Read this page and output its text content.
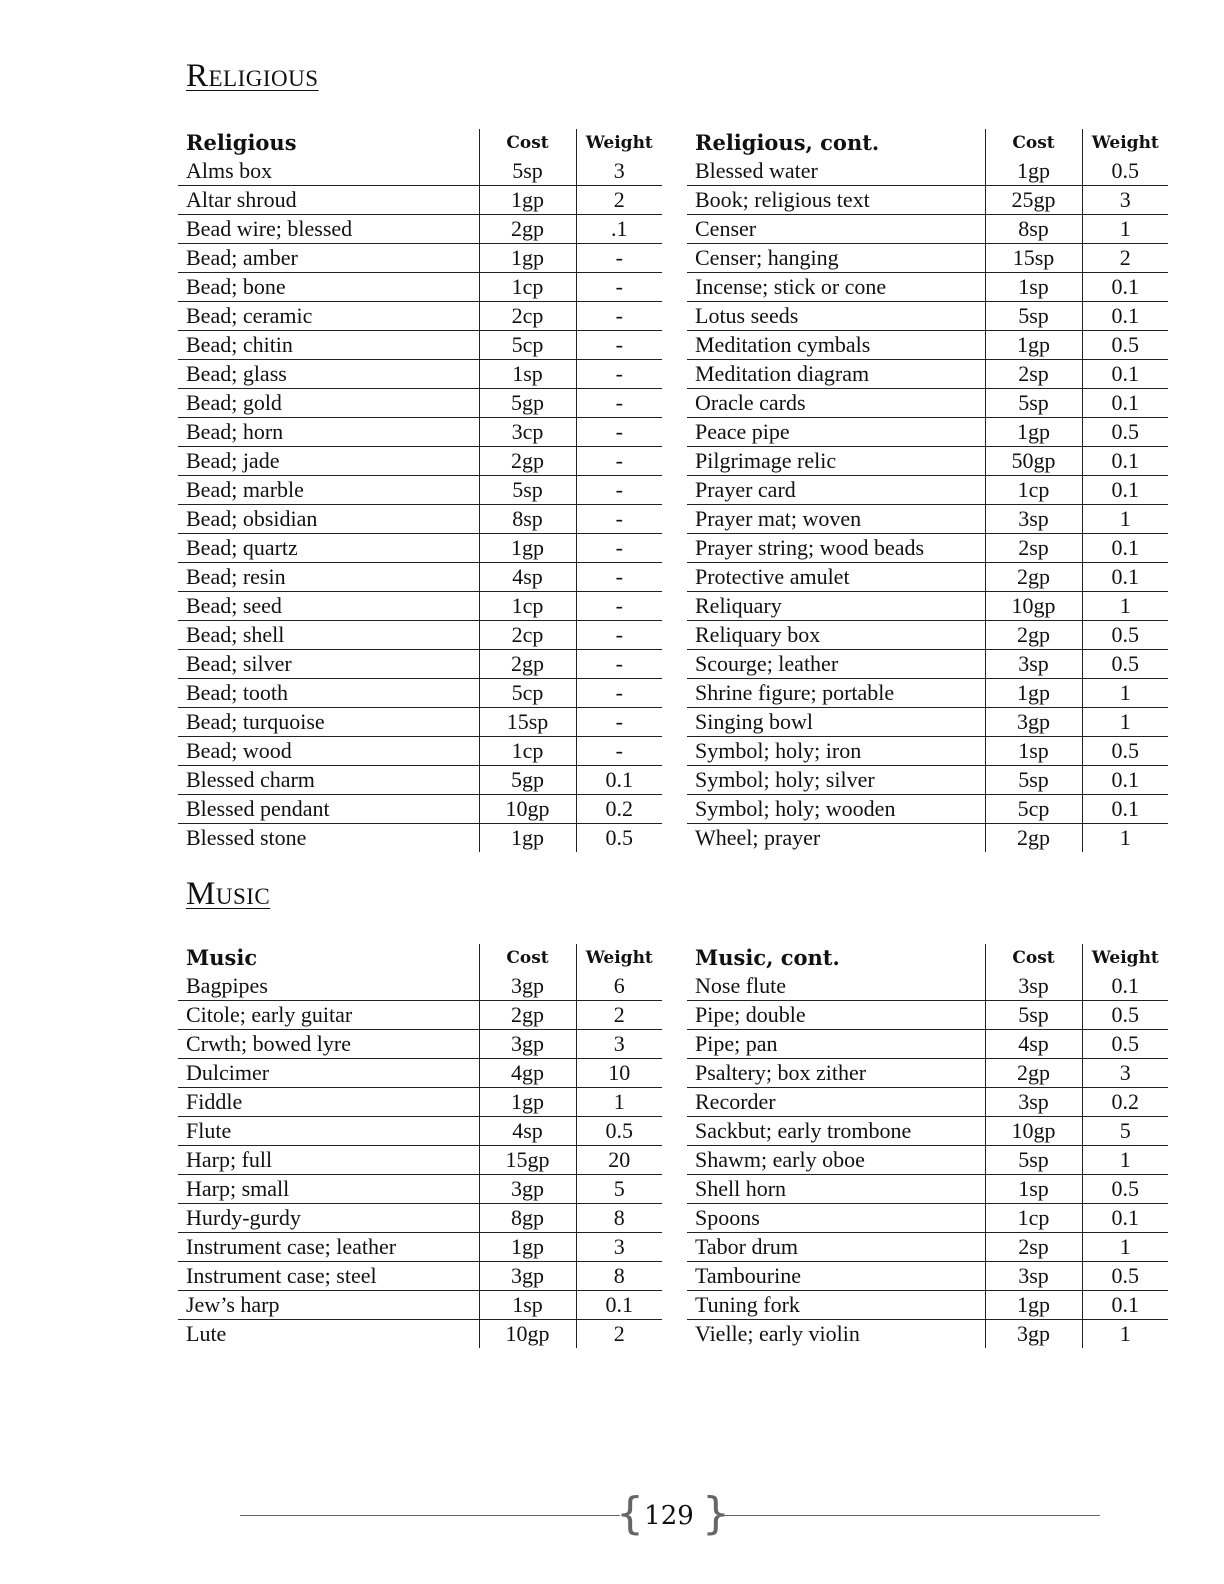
Religious
Religious	Cost	Weight
Alms box	5sp	3
Altar shroud	1gp	2
Bead wire; blessed	2gp	.1
Bead; amber	1gp	-
Bead; bone	1cp	-
Bead; ceramic	2cp	-
Bead; chitin	5cp	-
Bead; glass	1sp	-
Bead; gold	5gp	-
Bead; horn	3cp	-
Bead; jade	2gp	-
Bead; marble	5sp	-
Bead; obsidian	8sp	-
Bead; quartz	1gp	-
Bead; resin	4sp	-
Bead; seed	1cp	-
Bead; shell	2cp	-
Bead; silver	2gp	-
Bead; tooth	5cp	-
Bead; turquoise	15sp	-
Bead; wood	1cp	-
Blessed charm	5gp	0.1
Blessed pendant	10gp	0.2
Blessed stone	1gp	0.5
Religious, cont.	Cost	Weight
Blessed water	1gp	0.5
Book; religious text	25gp	3
Censer	8sp	1
Censer; hanging	15sp	2
Incense; stick or cone	1sp	0.1
Lotus seeds	5sp	0.1
Meditation cymbals	1gp	0.5
Meditation diagram	2sp	0.1
Oracle cards	5sp	0.1
Peace pipe	1gp	0.5
Pilgrimage relic	50gp	0.1
Prayer card	1cp	0.1
Prayer mat; woven	3sp	1
Prayer string; wood beads	2sp	0.1
Protective amulet	2gp	0.1
Reliquary	10gp	1
Reliquary box	2gp	0.5
Scourge; leather	3sp	0.5
Shrine figure; portable	1gp	1
Singing bowl	3gp	1
Symbol; holy; iron	1sp	0.5
Symbol; holy; silver	5sp	0.1
Symbol; holy; wooden	5cp	0.1
Wheel; prayer	2gp	1
Music
Music	Cost	Weight
Bagpipes	3gp	6
Citole; early guitar	2gp	2
Crwth; bowed lyre	3gp	3
Dulcimer	4gp	10
Fiddle	1gp	1
Flute	4sp	0.5
Harp; full	15gp	20
Harp; small	3gp	5
Hurdy-gurdy	8gp	8
Instrument case; leather	1gp	3
Instrument case; steel	3gp	8
Jew’s harp	1sp	0.1
Lute	10gp	2
Music, cont.	Cost	Weight
Nose flute	3sp	0.1
Pipe; double	5sp	0.5
Pipe; pan	4sp	0.5
Psaltery; box zither	2gp	3
Recorder	3sp	0.2
Sackbut; early trombone	10gp	5
Shawm; early oboe	5sp	1
Shell horn	1sp	0.5
Spoons	1cp	0.1
Tabor drum	2sp	1
Tambourine	3sp	0.5
Tuning fork	1gp	0.1
Vielle; early violin	3gp	1
{ 129 }
